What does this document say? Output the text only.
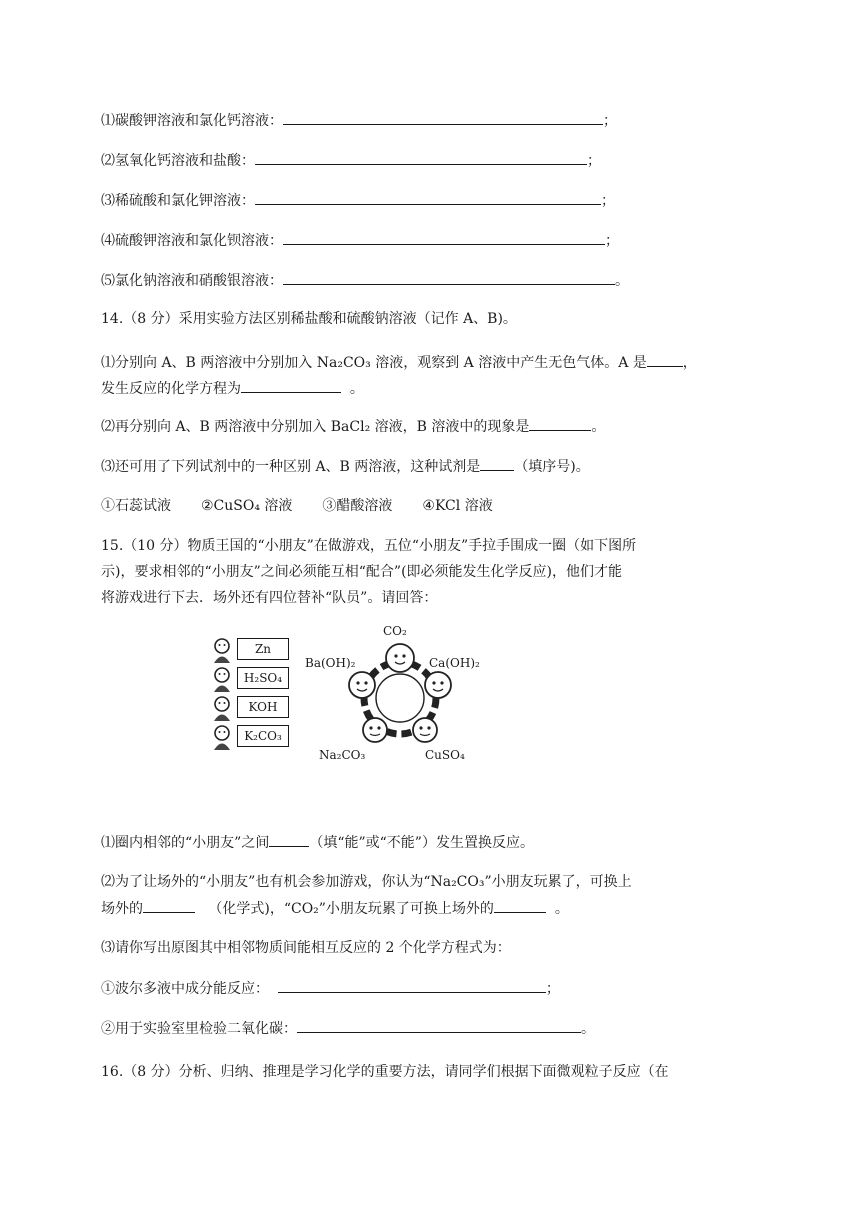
⑴碳酸钾溶液和氯化钙溶液：	；
⑵氢氧化钙溶液和盐酸：	；
⑶稀硫酸和氯化钾溶液：	；
⑷硫酸钾溶液和氯化钡溶液：	；
⑸氯化钠溶液和硝酸银溶液：	。
14.（8 分）采用实验方法区别稀盐酸和硫酸钠溶液（记作 A、B)。
⑴分别向 A、B 两溶液中分别加入 Na₂CO₃ 溶液，观察到 A 溶液中产生无色气体。A 是	，
发生反应的化学方程为	。
⑵再分别向 A、B 两溶液中分别加入 BaCl₂ 溶液，B 溶液中的现象是	。
⑶还可用了下列试剂中的一种区别 A、B 两溶液，这种试剂是 （填序号)。
①石蕊试液 ②CuSO₄ 溶液 ③醋酸溶液 ④KCl 溶液
15.（10 分）物质王国的“小朋友”在做游戏，五位“小朋友”手拉手围成一圈（如下图所
示)，要求相邻的“小朋友”之间必须能互相“配合”(即必须能发生化学反应)，他们才能
将游戏进行下去．场外还有四位替补“队员”。请回答：
Zn
H₂SO₄
KOH
K₂CO₃
CO₂
Ba(OH)₂	Ca(OH)₂
Na₂CO₃	CuSO₄
⑴圈内相邻的“小朋友”之间	（填“能”或“不能”）发生置换反应。
⑵为了让场外的“小朋友”也有机会参加游戏，你认为“Na₂CO₃”小朋友玩累了，可换上
场外的	（化学式)，“CO₂”小朋友玩累了可换上场外的	。
⑶请你写出原图其中相邻物质间能相互反应的 2 个化学方程式为：
①波尔多液中成分能反应：	；
②用于实验室里检验二氧化碳：	。
16.（8 分）分析、归纳、推理是学习化学的重要方法，请同学们根据下面微观粒子反应（在
